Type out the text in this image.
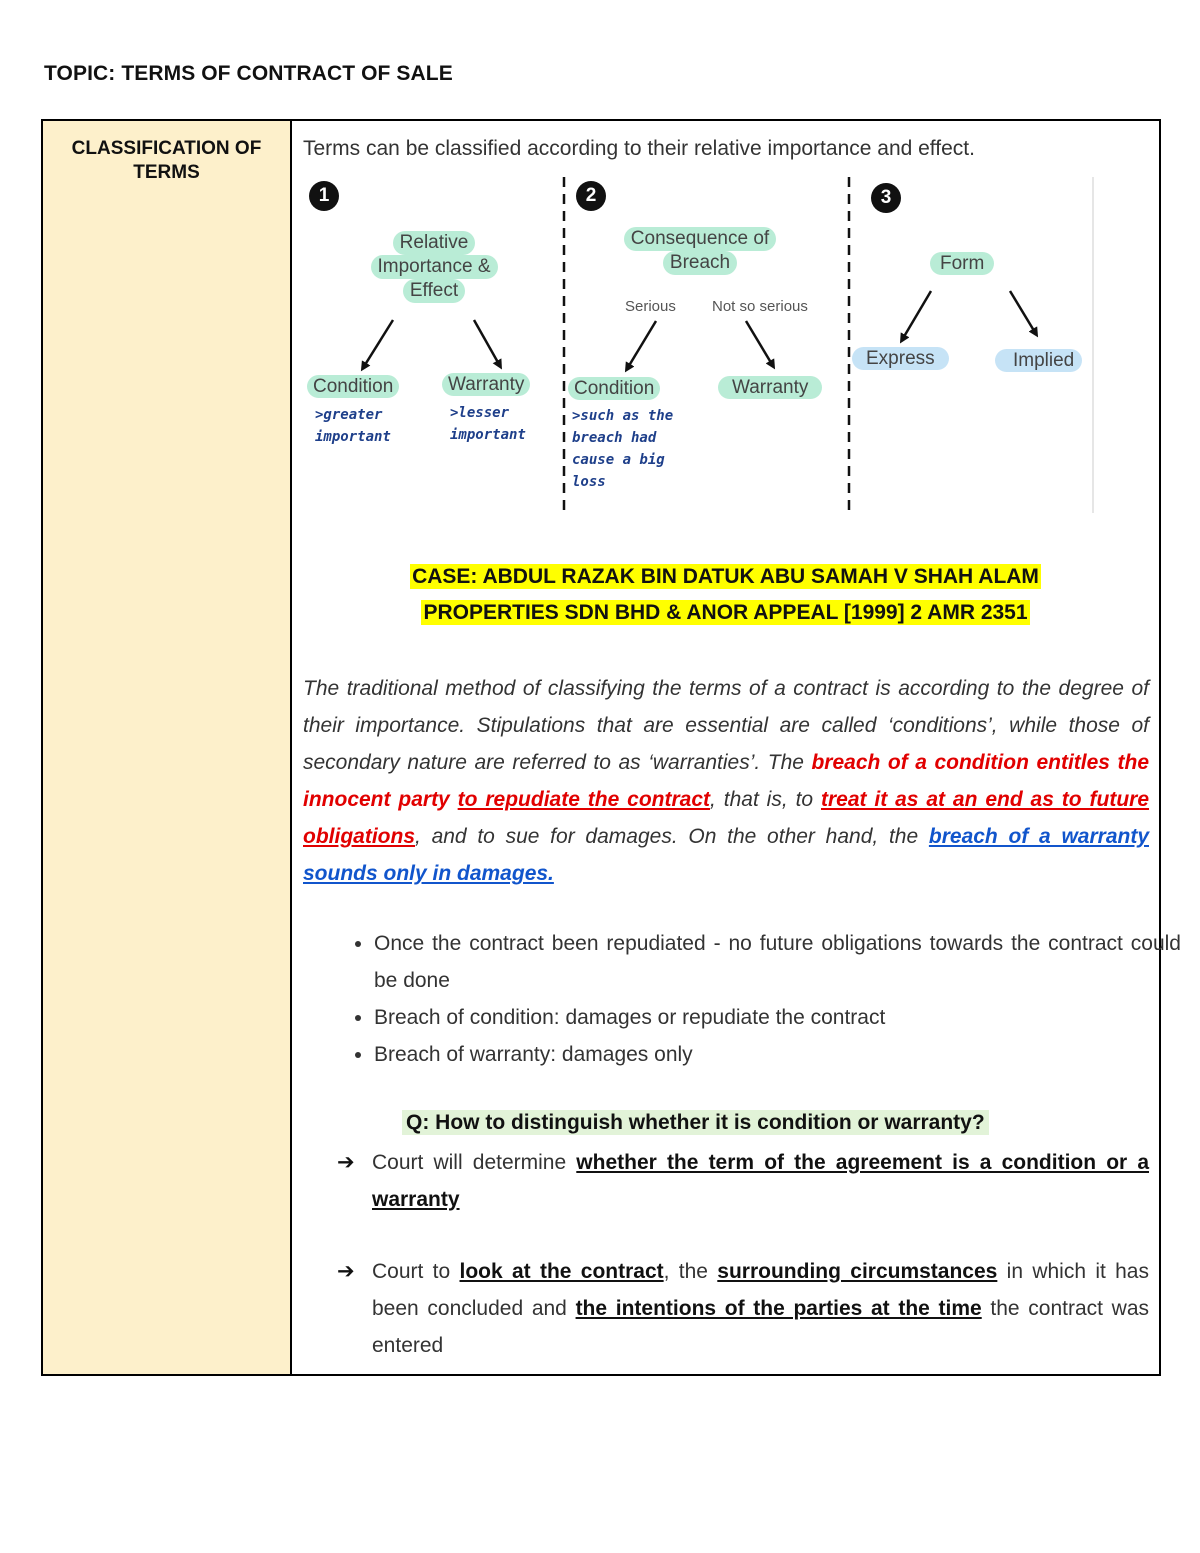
TOPIC: TERMS OF CONTRACT OF SALE
CLASSIFICATION OF TERMS

Terms can be classified according to their relative importance and effect.

1	2	3
Relative
Importance &
Effect
Condition	Warranty
>greater important
>lesser important
Consequence of
Breach
Serious Not so serious
Condition	Warranty
>such as the breach had cause a big loss
Form
Express	Implied
CASE: ABDUL RAZAK BIN DATUK ABU SAMAH V SHAH ALAM
PROPERTIES SDN BHD & ANOR APPEAL [1999] 2 AMR 2351

The traditional method of classifying the terms of a contract is according to the degree of their importance. Stipulations that are essential are called ‘conditions’, while those of secondary nature are referred to as ‘warranties’. The breach of a condition entitles the innocent party to repudiate the contract, that is, to treat it as at an end as to future obligations, and to sue for damages. On the other hand, the breach of a warranty sounds only in damages.

• Once the contract been repudiated - no future obligations towards the contract could be done
• Breach of condition: damages or repudiate the contract
• Breach of warranty: damages only

Q: How to distinguish whether it is condition or warranty?

➔ Court will determine whether the term of the agreement is a condition or a warranty

➔ Court to look at the contract, the surrounding circumstances in which it has been concluded and the intentions of the parties at the time the contract was entered
